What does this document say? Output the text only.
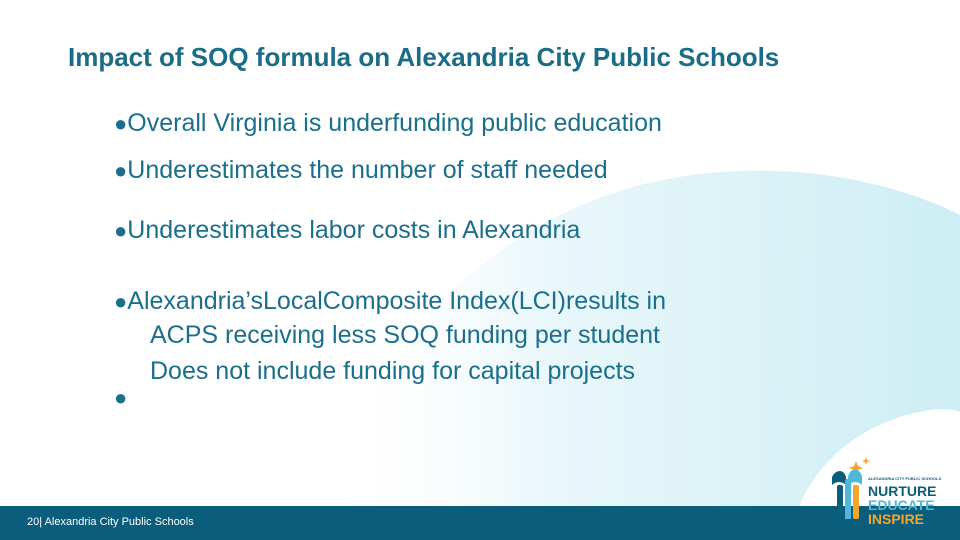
Impact of SOQ formula on Alexandria City Public Schools
●Overall Virginia is underfunding public education
●Underestimates the number of staff needed
●Underestimates labor costs in Alexandria
●Alexandria’sLocalComposite Index(LCI)results in
ACPS receiving less SOQ funding per student
Does not include funding for capital projects
●
20| Alexandria City Public Schools
ALEXANDRIA CITY PUBLIC SCHOOLS
NURTURE
EDUCATE
INSPIRE
